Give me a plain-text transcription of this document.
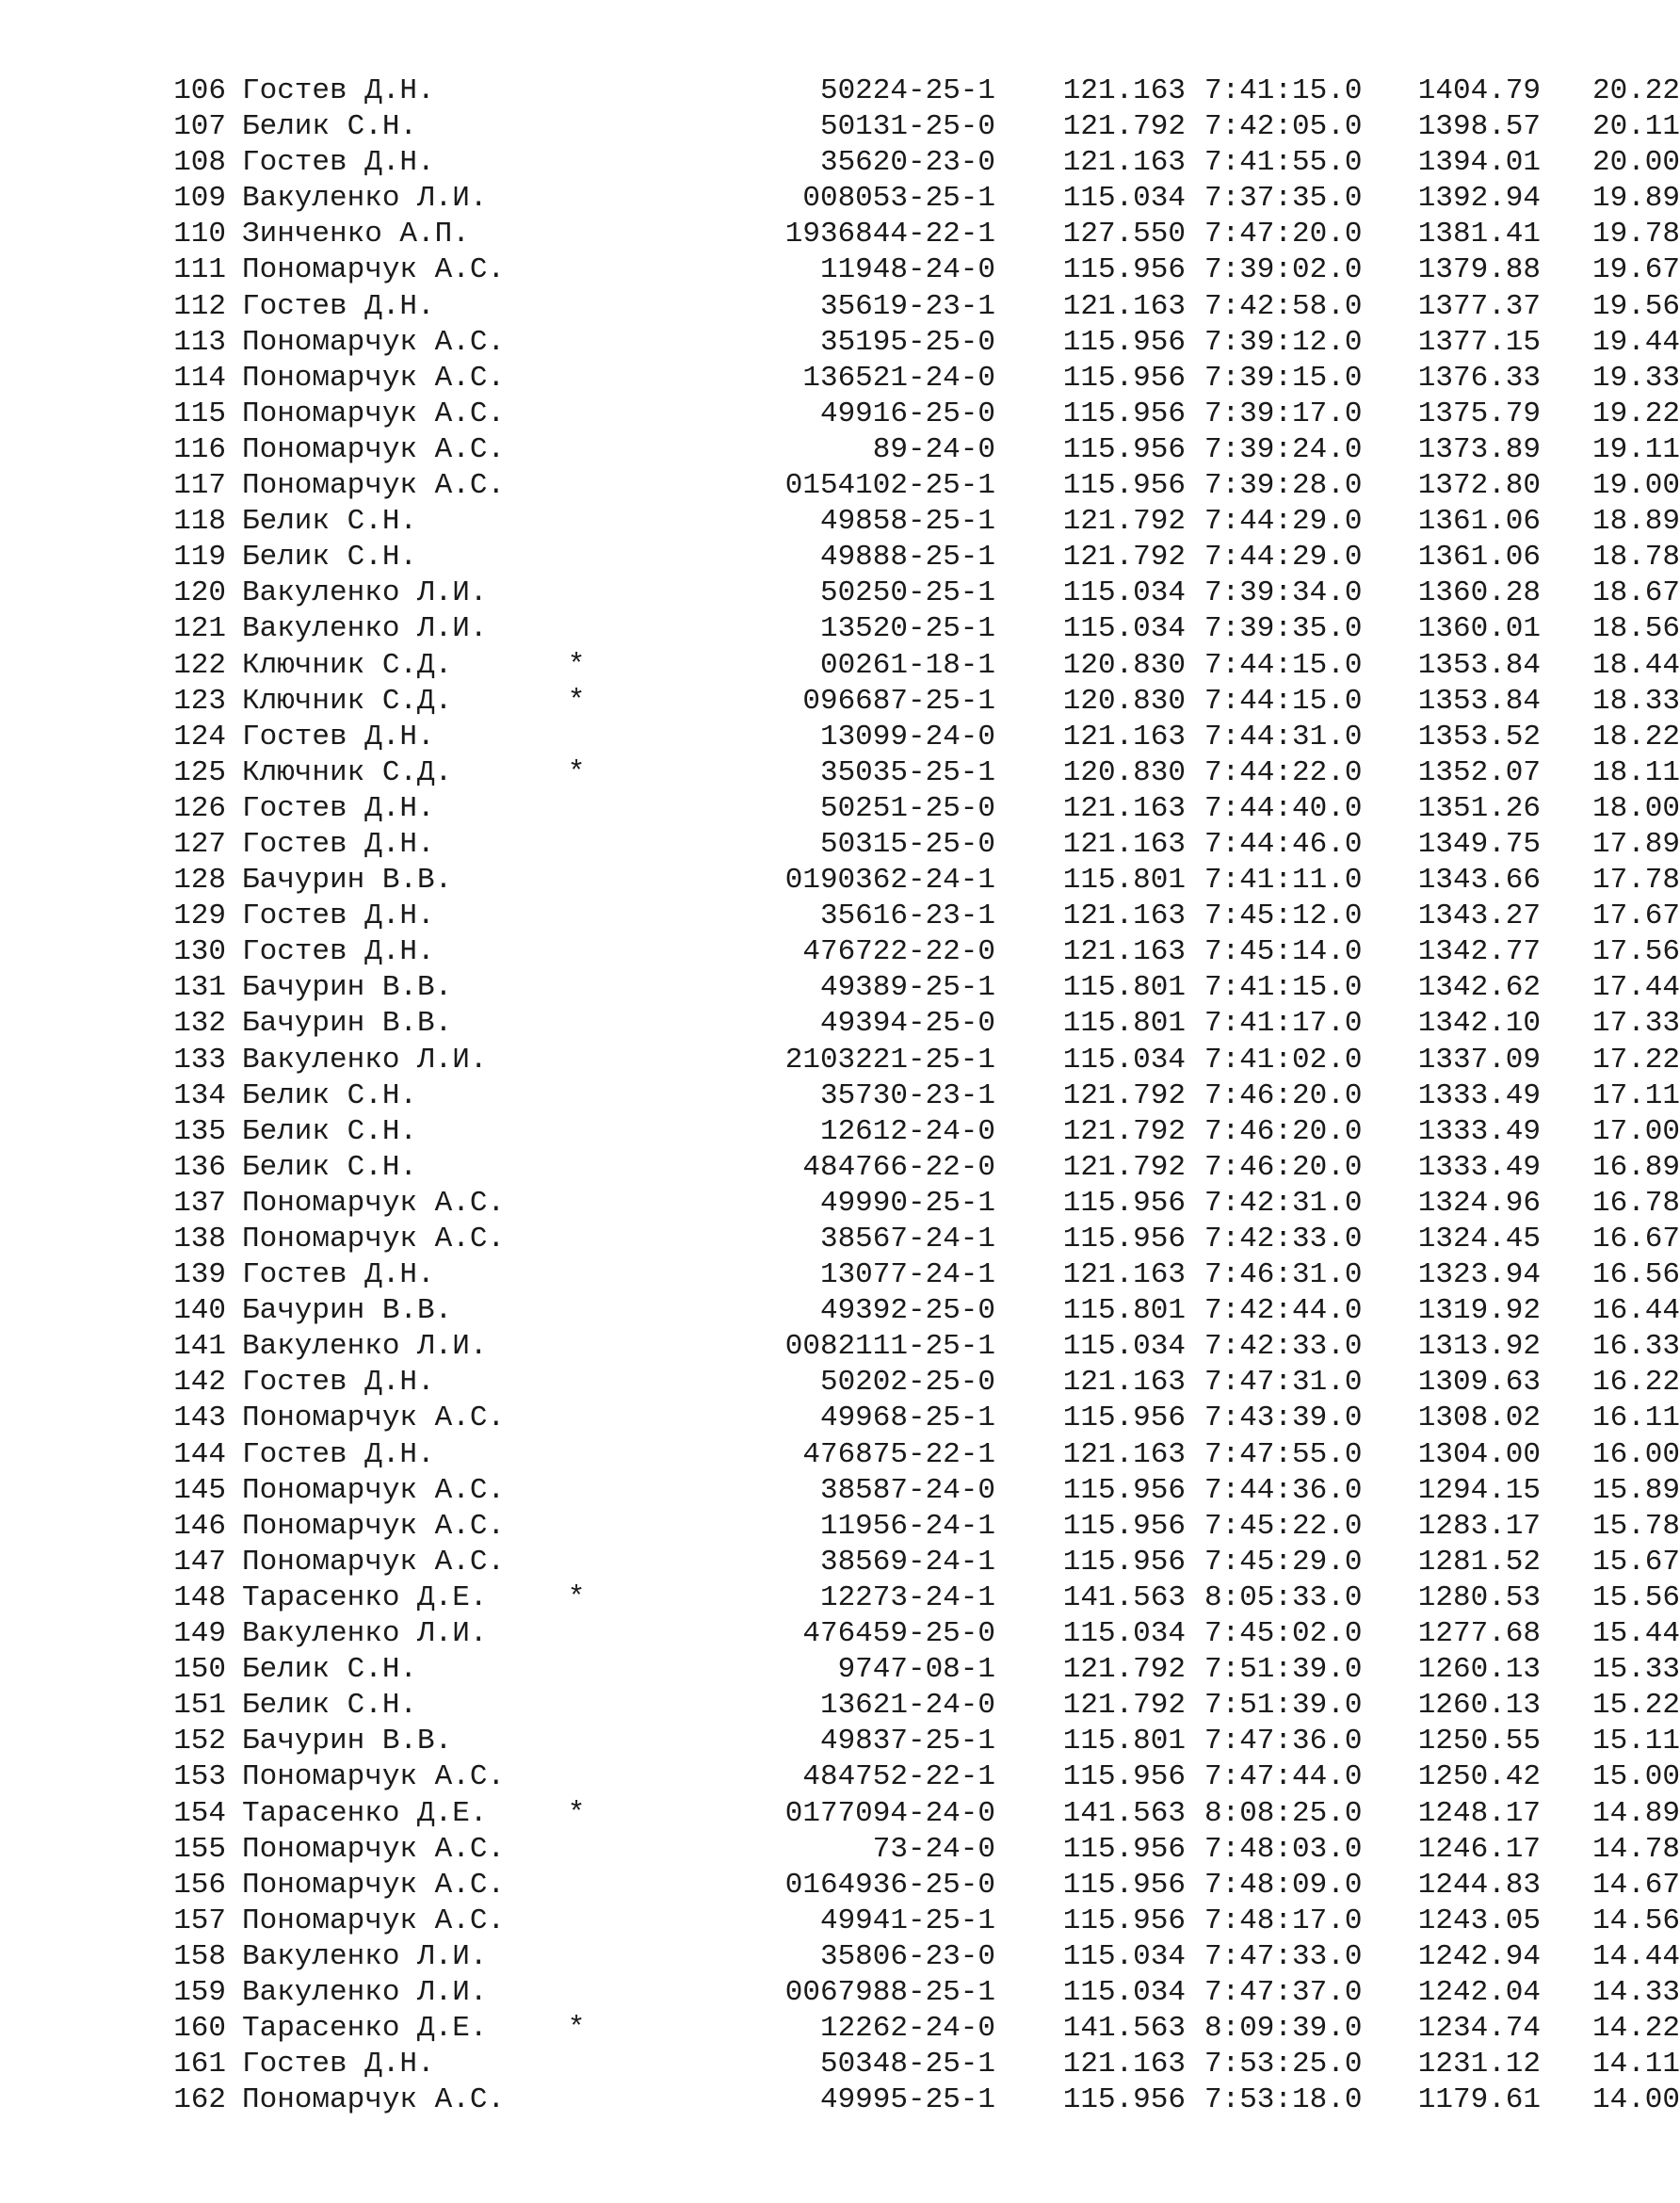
106 Гостев Д.Н.	50224-25-1	121.163 7:41:15.0	1404.79	20.22
107 Белик С.Н.	50131-25-0	121.792 7:42:05.0	1398.57	20.11
108 Гостев Д.Н.	35620-23-0	121.163 7:41:55.0	1394.01	20.00
109 Вакуленко Л.И.	008053-25-1	115.034 7:37:35.0	1392.94	19.89
110 Зинченко А.П.	1936844-22-1	127.550 7:47:20.0	1381.41	19.78
111 Пономарчук А.С.	11948-24-0	115.956 7:39:02.0	1379.88	19.67
112 Гостев Д.Н.	35619-23-1	121.163 7:42:58.0	1377.37	19.56
113 Пономарчук А.С.	35195-25-0	115.956 7:39:12.0	1377.15	19.44
114 Пономарчук А.С.	136521-24-0	115.956 7:39:15.0	1376.33	19.33
115 Пономарчук А.С.	49916-25-0	115.956 7:39:17.0	1375.79	19.22
116 Пономарчук А.С.	89-24-0	115.956 7:39:24.0	1373.89	19.11
117 Пономарчук А.С.	0154102-25-1	115.956 7:39:28.0	1372.80	19.00
118 Белик С.Н.	49858-25-1	121.792 7:44:29.0	1361.06	18.89
119 Белик С.Н.	49888-25-1	121.792 7:44:29.0	1361.06	18.78
120 Вакуленко Л.И.	50250-25-1	115.034 7:39:34.0	1360.28	18.67
121 Вакуленко Л.И.	13520-25-1	115.034 7:39:35.0	1360.01	18.56
122 Ключник С.Д.	*	00261-18-1	120.830 7:44:15.0	1353.84	18.44
123 Ключник С.Д.	*	096687-25-1	120.830 7:44:15.0	1353.84	18.33
124 Гостев Д.Н.	13099-24-0	121.163 7:44:31.0	1353.52	18.22
125 Ключник С.Д.	*	35035-25-1	120.830 7:44:22.0	1352.07	18.11
126 Гостев Д.Н.	50251-25-0	121.163 7:44:40.0	1351.26	18.00
127 Гостев Д.Н.	50315-25-0	121.163 7:44:46.0	1349.75	17.89
128 Бачурин В.В.	0190362-24-1	115.801 7:41:11.0	1343.66	17.78
129 Гостев Д.Н.	35616-23-1	121.163 7:45:12.0	1343.27	17.67
130 Гостев Д.Н.	476722-22-0	121.163 7:45:14.0	1342.77	17.56
131 Бачурин В.В.	49389-25-1	115.801 7:41:15.0	1342.62	17.44
132 Бачурин В.В.	49394-25-0	115.801 7:41:17.0	1342.10	17.33
133 Вакуленко Л.И.	2103221-25-1	115.034 7:41:02.0	1337.09	17.22
134 Белик С.Н.	35730-23-1	121.792 7:46:20.0	1333.49	17.11
135 Белик С.Н.	12612-24-0	121.792 7:46:20.0	1333.49	17.00
136 Белик С.Н.	484766-22-0	121.792 7:46:20.0	1333.49	16.89
137 Пономарчук А.С.	49990-25-1	115.956 7:42:31.0	1324.96	16.78
138 Пономарчук А.С.	38567-24-1	115.956 7:42:33.0	1324.45	16.67
139 Гостев Д.Н.	13077-24-1	121.163 7:46:31.0	1323.94	16.56
140 Бачурин В.В.	49392-25-0	115.801 7:42:44.0	1319.92	16.44
141 Вакуленко Л.И.	0082111-25-1	115.034 7:42:33.0	1313.92	16.33
142 Гостев Д.Н.	50202-25-0	121.163 7:47:31.0	1309.63	16.22
143 Пономарчук А.С.	49968-25-1	115.956 7:43:39.0	1308.02	16.11
144 Гостев Д.Н.	476875-22-1	121.163 7:47:55.0	1304.00	16.00
145 Пономарчук А.С.	38587-24-0	115.956 7:44:36.0	1294.15	15.89
146 Пономарчук А.С.	11956-24-1	115.956 7:45:22.0	1283.17	15.78
147 Пономарчук А.С.	38569-24-1	115.956 7:45:29.0	1281.52	15.67
148 Тарасенко Д.Е.	*	12273-24-1	141.563 8:05:33.0	1280.53	15.56
149 Вакуленко Л.И.	476459-25-0	115.034 7:45:02.0	1277.68	15.44
150 Белик С.Н.	9747-08-1	121.792 7:51:39.0	1260.13	15.33
151 Белик С.Н.	13621-24-0	121.792 7:51:39.0	1260.13	15.22
152 Бачурин В.В.	49837-25-1	115.801 7:47:36.0	1250.55	15.11
153 Пономарчук А.С.	484752-22-1	115.956 7:47:44.0	1250.42	15.00
154 Тарасенко Д.Е.	*	0177094-24-0	141.563 8:08:25.0	1248.17	14.89
155 Пономарчук А.С.	73-24-0	115.956 7:48:03.0	1246.17	14.78
156 Пономарчук А.С.	0164936-25-0	115.956 7:48:09.0	1244.83	14.67
157 Пономарчук А.С.	49941-25-1	115.956 7:48:17.0	1243.05	14.56
158 Вакуленко Л.И.	35806-23-0	115.034 7:47:33.0	1242.94	14.44
159 Вакуленко Л.И.	0067988-25-1	115.034 7:47:37.0	1242.04	14.33
160 Тарасенко Д.Е.	*	12262-24-0	141.563 8:09:39.0	1234.74	14.22
161 Гостев Д.Н.	50348-25-1	121.163 7:53:25.0	1231.12	14.11
162 Пономарчук А.С.	49995-25-1	115.956 7:53:18.0	1179.61	14.00
